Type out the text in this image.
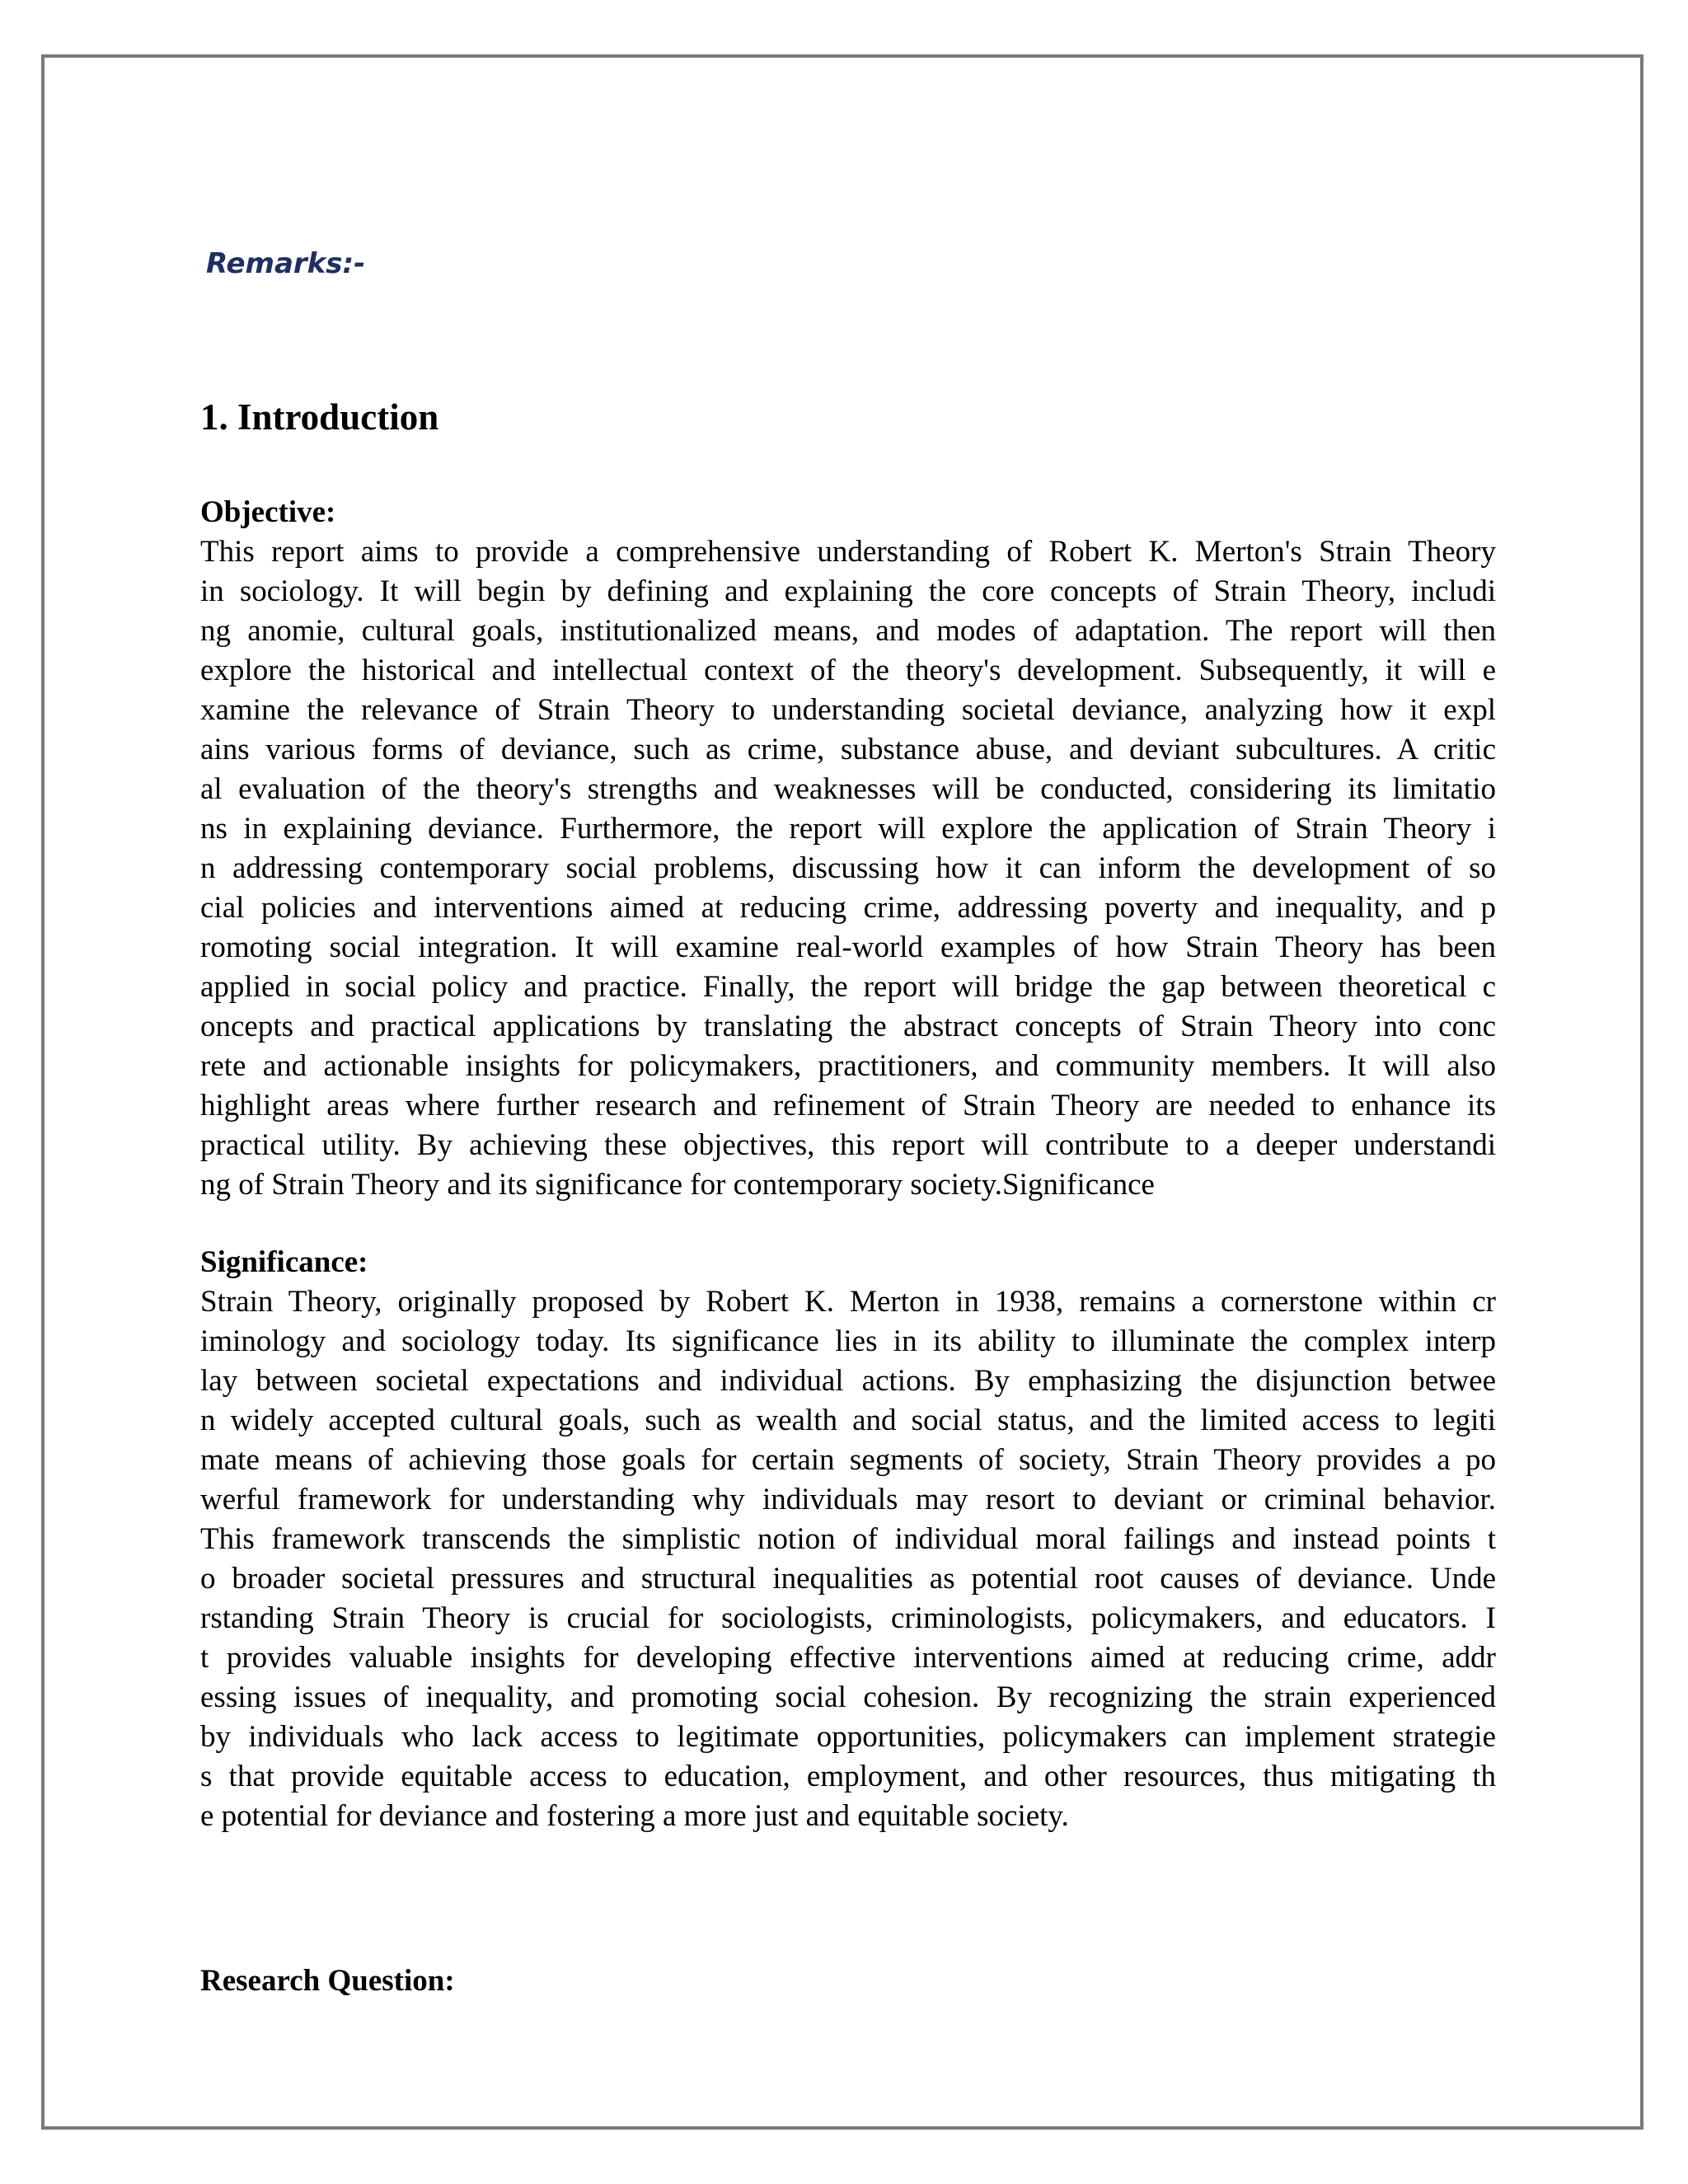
Remarks:-

1. Introduction
Objective:
This report aims to provide a comprehensive understanding of Robert K. Merton's Strain Theory
in sociology. It will begin by defining and explaining the core concepts of Strain Theory, includi
ng anomie, cultural goals, institutionalized means, and modes of adaptation. The report will then
explore the historical and intellectual context of the theory's development. Subsequently, it will e
xamine the relevance of Strain Theory to understanding societal deviance, analyzing how it expl
ains various forms of deviance, such as crime, substance abuse, and deviant subcultures. A critic
al evaluation of the theory's strengths and weaknesses will be conducted, considering its limitatio
ns in explaining deviance. Furthermore, the report will explore the application of Strain Theory i
n addressing contemporary social problems, discussing how it can inform the development of so
cial policies and interventions aimed at reducing crime, addressing poverty and inequality, and p
romoting social integration. It will examine real-world examples of how Strain Theory has been
applied in social policy and practice. Finally, the report will bridge the gap between theoretical c
oncepts and practical applications by translating the abstract concepts of Strain Theory into conc
rete and actionable insights for policymakers, practitioners, and community members. It will also
highlight areas where further research and refinement of Strain Theory are needed to enhance its
practical utility. By achieving these objectives, this report will contribute to a deeper understandi
ng of Strain Theory and its significance for contemporary society.Significance
Significance:
Strain Theory, originally proposed by Robert K. Merton in 1938, remains a cornerstone within cr
iminology and sociology today. Its significance lies in its ability to illuminate the complex interp
lay between societal expectations and individual actions. By emphasizing the disjunction betwee
n widely accepted cultural goals, such as wealth and social status, and the limited access to legiti
mate means of achieving those goals for certain segments of society, Strain Theory provides a po
werful framework for understanding why individuals may resort to deviant or criminal behavior.
This framework transcends the simplistic notion of individual moral failings and instead points t
o broader societal pressures and structural inequalities as potential root causes of deviance. Unde
rstanding Strain Theory is crucial for sociologists, criminologists, policymakers, and educators. I
t provides valuable insights for developing effective interventions aimed at reducing crime, addr
essing issues of inequality, and promoting social cohesion. By recognizing the strain experienced
by individuals who lack access to legitimate opportunities, policymakers can implement strategie
s that provide equitable access to education, employment, and other resources, thus mitigating th
e potential for deviance and fostering a more just and equitable society.
Research Question:
